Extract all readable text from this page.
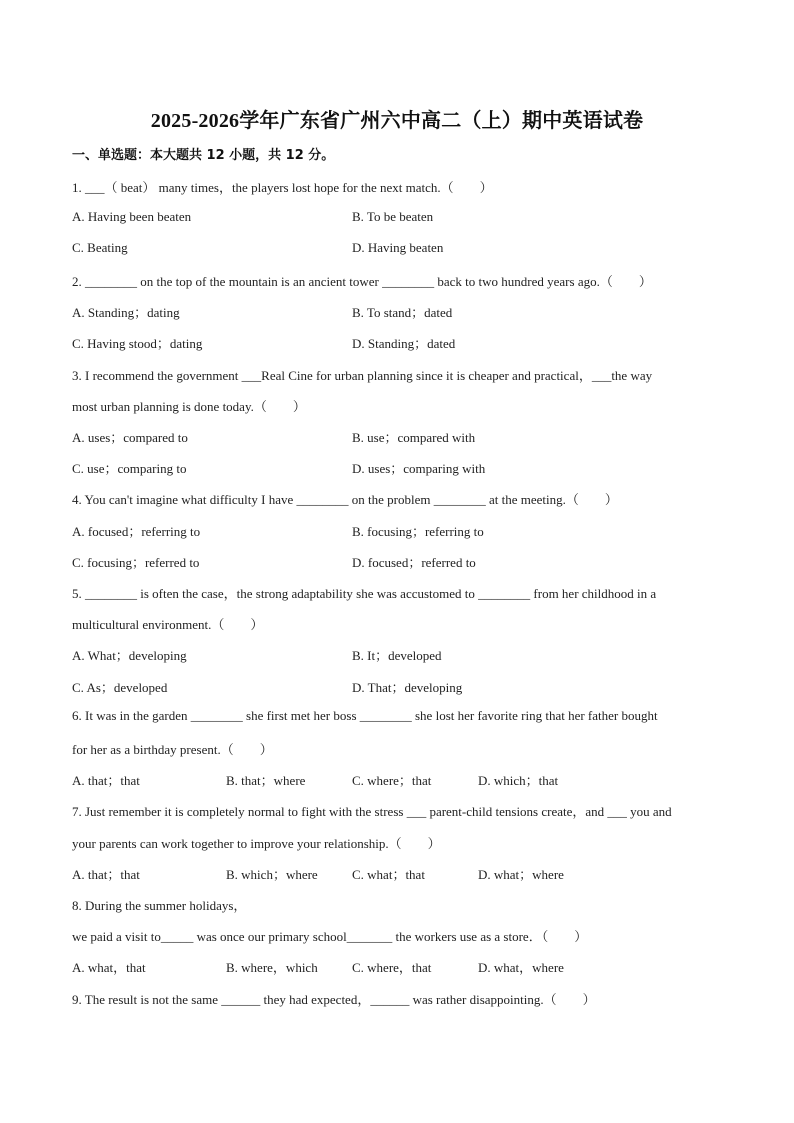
2025-2026学年广东省广州六中高二（上）期中英语试卷
一、单选题：本大题共 12 小题，共 12 分。
1. ___（ beat） many times，the players lost hope for the next match.（　　）
A. Having been beaten	B. To be beaten
C. Beating	D. Having beaten
2. ________ on the top of the mountain is an ancient tower ________ back to two hundred years ago.（　　）
A. Standing；dating	B. To stand；dated
C. Having stood；dating	D. Standing；dated
3. I recommend the government ___Real Cine for urban planning since it is cheaper and practical，___the way
most urban planning is done today.（　　）
A. uses；compared to	B. use；compared with
C. use；comparing to	D. uses；comparing with
4. You can't imagine what difficulty I have ________ on the problem ________ at the meeting.（　　）
A. focused；referring to	B. focusing；referring to
C. focusing；referred to	D. focused；referred to
5. ________ is often the case，the strong adaptability she was accustomed to ________ from her childhood in a
multicultural environment.（　　）
A. What；developing	B. It；developed
C. As；developed	D. That；developing
6. It was in the garden ________ she first met her boss ________ she lost her favorite ring that her father bought
for her as a birthday present.（　　）
A. that；that	B. that；where	C. where；that	D. which；that
7. Just remember it is completely normal to fight with the stress ___ parent-child tensions create，and ___ you and
your parents can work together to improve your relationship.（　　）
A. that；that	B. which；where	C. what；that	D. what；where
8. During the summer holidays，
we paid a visit to_____ was once our primary school_______ the workers use as a store．（　　）
A. what，that	B. where，which	C. where，that	D. what，where
9. The result is not the same ______ they had expected，______ was rather disappointing.（　　）
